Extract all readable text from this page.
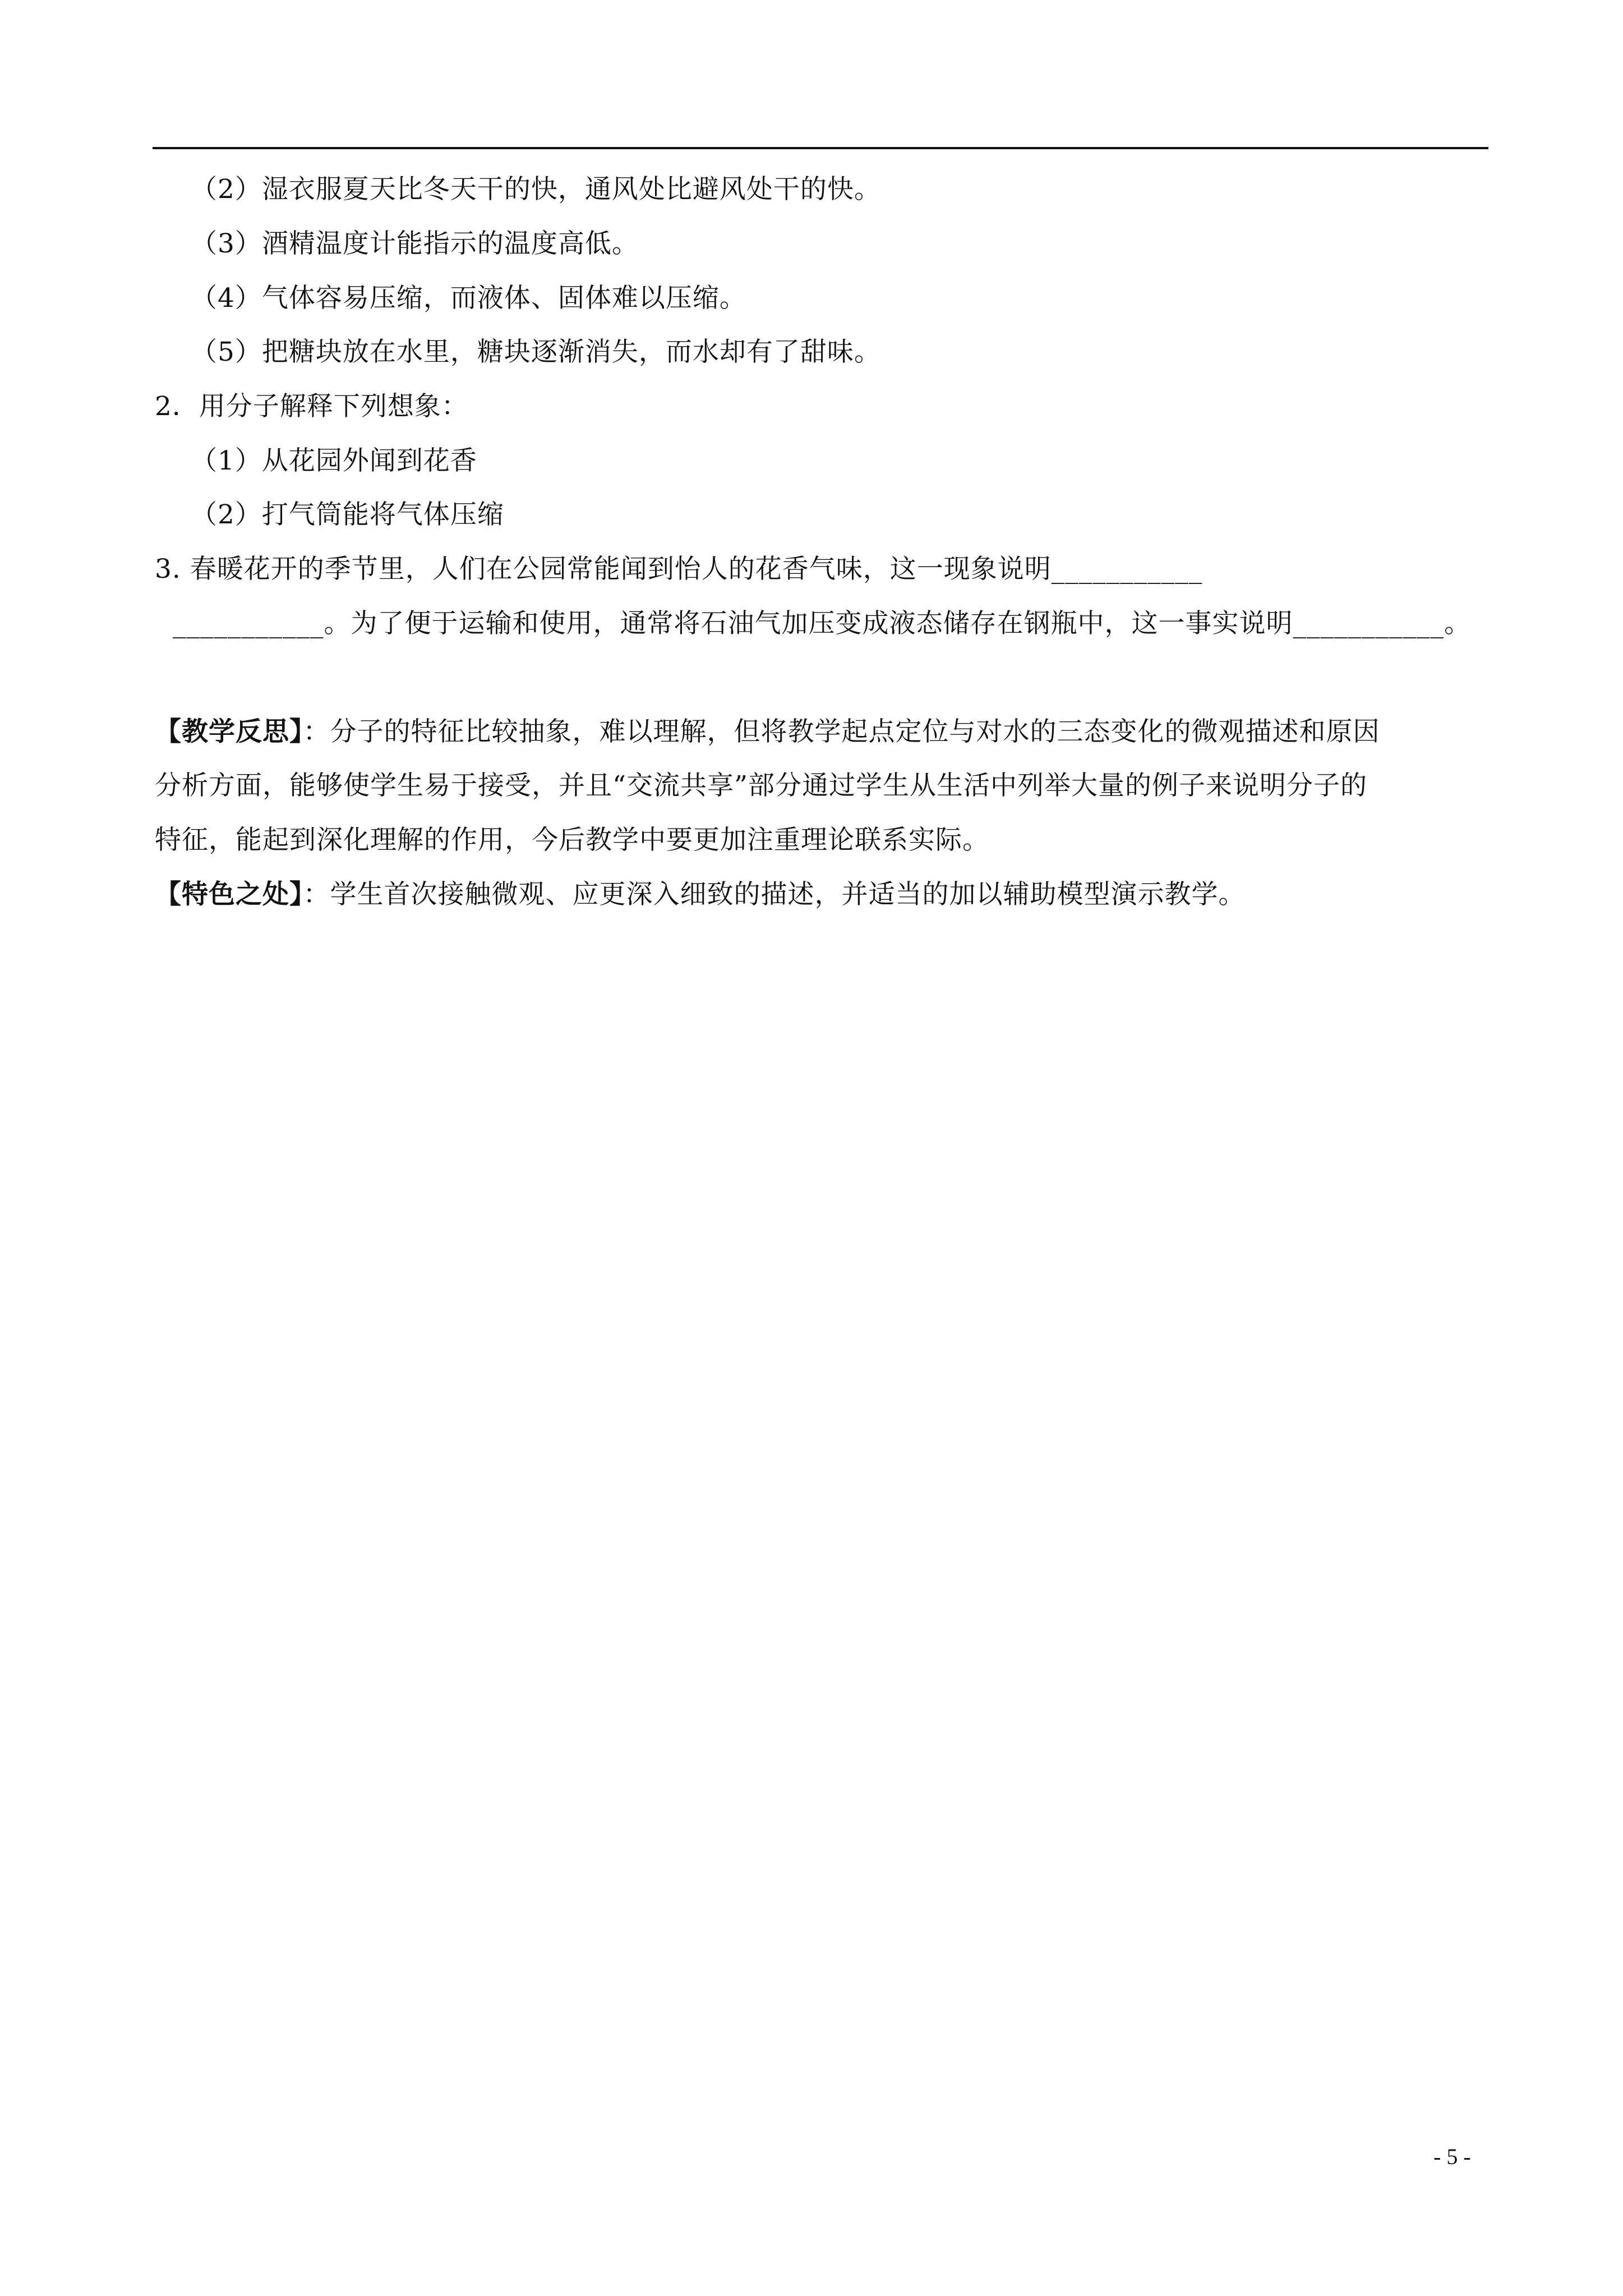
（2）湿衣服夏天比冬天干的快，通风处比避风处干的快。
（3）酒精温度计能指示的温度高低。
（4）气体容易压缩，而液体、固体难以压缩。
（5）把糖块放在水里，糖块逐渐消失，而水却有了甜味。
2．用分子解释下列想象：
（1）从花园外闻到花香
（2）打气筒能将气体压缩
3. 春暖花开的季节里，人们在公园常能闻到怡人的花香气味，这一现象说明___________
___________。为了便于运输和使用，通常将石油气加压变成液态储存在钢瓶中，这一事实说明___________。
【教学反思】：分子的特征比较抽象，难以理解，但将教学起点定位与对水的三态变化的微观描述和原因
分析方面，能够使学生易于接受，并且“交流共享”部分通过学生从生活中列举大量的例子来说明分子的
特征，能起到深化理解的作用，今后教学中要更加注重理论联系实际。
【特色之处】：学生首次接触微观、应更深入细致的描述，并适当的加以辅助模型演示教学。
- 5 -
